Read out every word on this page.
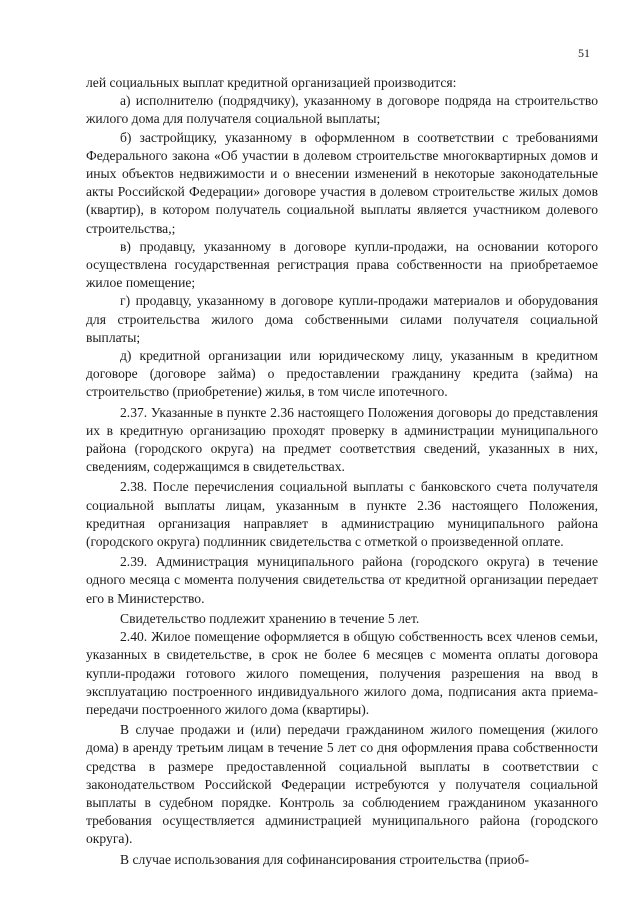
51

лей социальных выплат кредитной организацией производится:

а) исполнителю (подрядчику), указанному в договоре подряда на строительство жилого дома для получателя социальной выплаты;

б) застройщику, указанному в оформленном в соответствии с требованиями Федерального закона «Об участии в долевом строительстве многоквартирных домов и иных объектов недвижимости и о внесении изменений в некоторые законодательные акты Российской Федерации» договоре участия в долевом строительстве жилых домов (квартир), в котором получатель социальной выплаты является участником долевого строительства,;

в) продавцу, указанному в договоре купли-продажи, на основании которого осуществлена государственная регистрация права собственности на приобретаемое жилое помещение;

г) продавцу, указанному в договоре купли-продажи материалов и оборудования для строительства жилого дома собственными силами получателя социальной выплаты;

д) кредитной организации или юридическому лицу, указанным в кредитном договоре (договоре займа) о предоставлении гражданину кредита (займа) на строительство (приобретение) жилья, в том числе ипотечного.

2.37. Указанные в пункте 2.36 настоящего Положения договоры до представления их в кредитную организацию проходят проверку в администрации муниципального района (городского округа) на предмет соответствия сведений, указанных в них, сведениям, содержащимся в свидетельствах.

2.38. После перечисления социальной выплаты с банковского счета получателя социальной выплаты лицам, указанным в пункте 2.36 настоящего Положения, кредитная организация направляет в администрацию муниципального района (городского округа) подлинник свидетельства с отметкой о произведенной оплате.

2.39. Администрация муниципального района (городского округа) в течение одного месяца с момента получения свидетельства от кредитной организации передает его в Министерство.

Свидетельство подлежит хранению в течение 5 лет.

2.40. Жилое помещение оформляется в общую собственность всех членов семьи, указанных в свидетельстве, в срок не более 6 месяцев с момента оплаты договора купли-продажи готового жилого помещения, получения разрешения на ввод в эксплуатацию построенного индивидуального жилого дома, подписания акта приема-передачи построенного жилого дома (квартиры).

В случае продажи и (или) передачи гражданином жилого помещения (жилого дома) в аренду третьим лицам в течение 5 лет со дня оформления права собственности средства в размере предоставленной социальной выплаты в соответствии с законодательством Российской Федерации истребуются у получателя социальной выплаты в судебном порядке. Контроль за соблюдением гражданином указанного требования осуществляется администрацией муниципального района (городского округа).

В случае использования для софинансирования строительства (приоб-
